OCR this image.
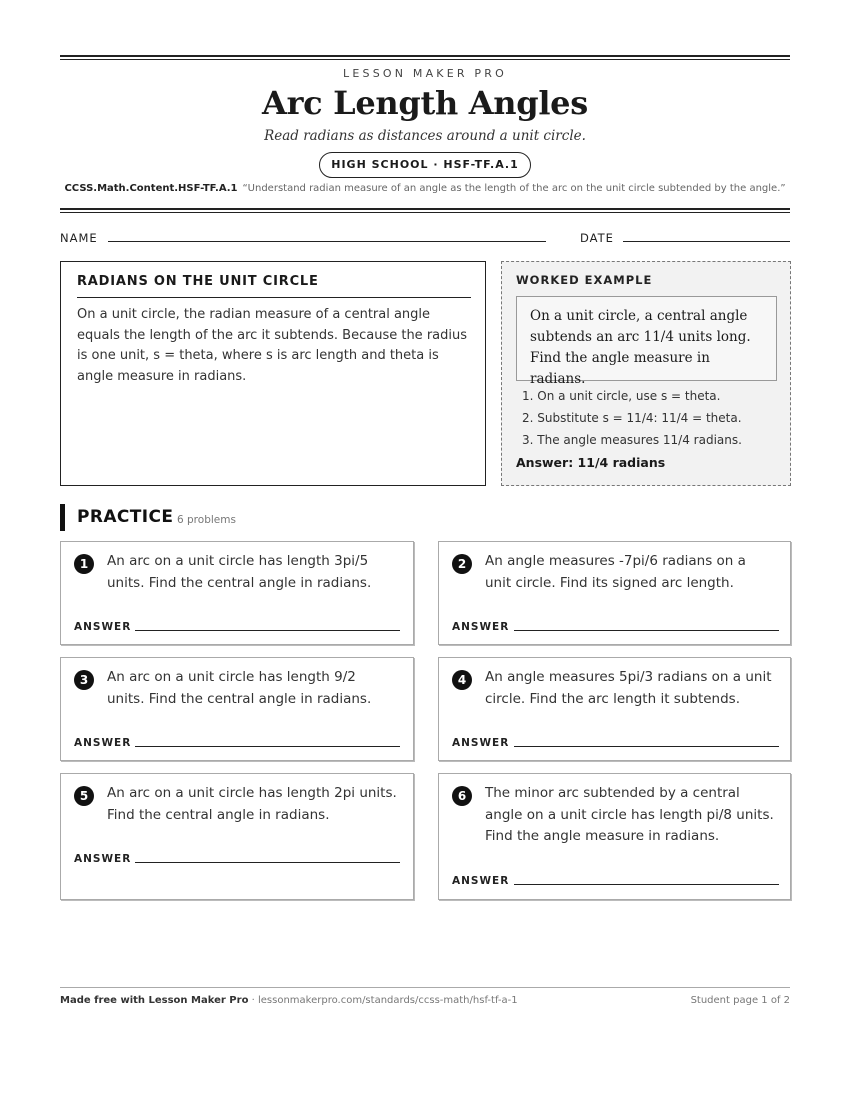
LESSON MAKER PRO
Arc Length Angles
Read radians as distances around a unit circle.
HIGH SCHOOL · HSF-TF.A.1
CCSS.Math.Content.HSF-TF.A.1 “Understand radian measure of an angle as the length of the arc on the unit circle subtended by the angle.”
NAME	DATE
RADIANS ON THE UNIT CIRCLE
On a unit circle, the radian measure of a central angle equals the length of the arc it subtends. Because the radius is one unit, s = theta, where s is arc length and theta is angle measure in radians.
WORKED EXAMPLE
On a unit circle, a central angle subtends an arc 11/4 units long. Find the angle measure in radians.
1. On a unit circle, use s = theta.
2. Substitute s = 11/4: 11/4 = theta.
3. The angle measures 11/4 radians.
Answer: 11/4 radians
PRACTICE 6 problems
1	An arc on a unit circle has length 3pi/5 units. Find the central angle in radians.
ANSWER
2	An angle measures -7pi/6 radians on a unit circle. Find its signed arc length.
ANSWER
3	An arc on a unit circle has length 9/2 units. Find the central angle in radians.
ANSWER
4	An angle measures 5pi/3 radians on a unit circle. Find the arc length it subtends.
ANSWER
5	An arc on a unit circle has length 2pi units. Find the central angle in radians.
ANSWER
6	The minor arc subtended by a central angle on a unit circle has length pi/8 units. Find the angle measure in radians.
ANSWER
Made free with Lesson Maker Pro · lessonmakerpro.com/standards/ccss-math/hsf-tf-a-1	Student page 1 of 2
